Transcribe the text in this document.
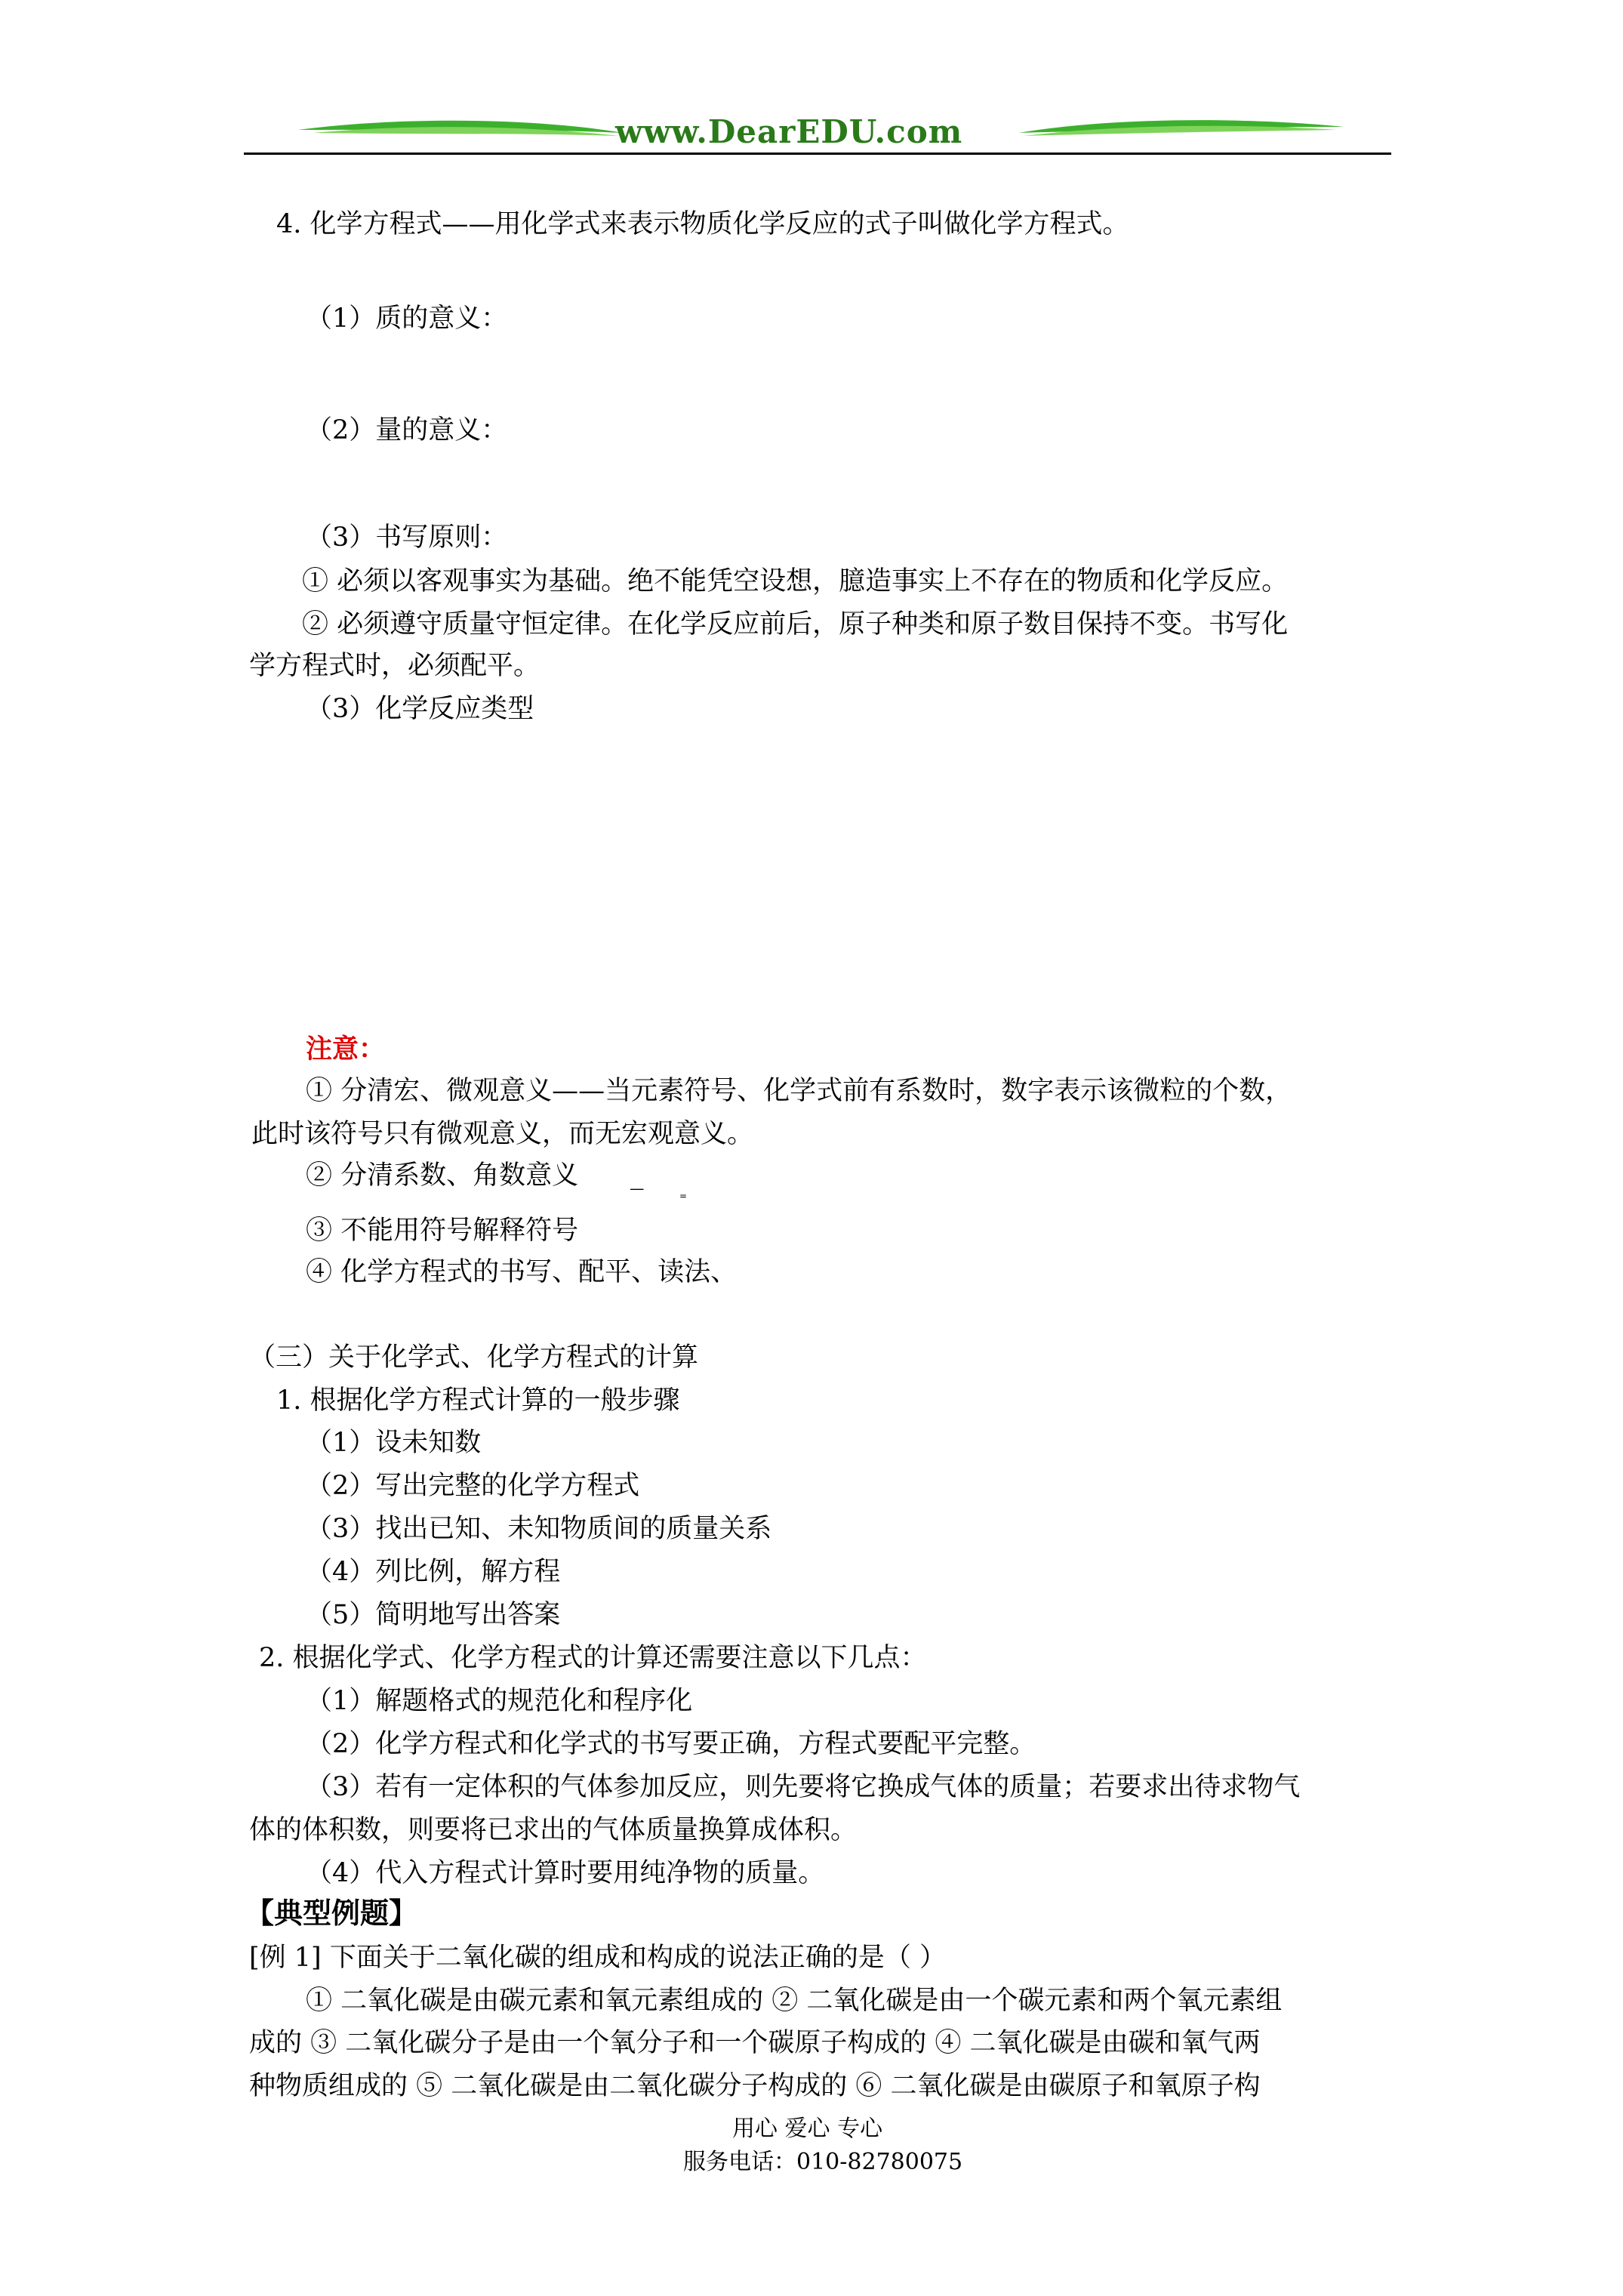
www.DearEDU.com
4. 化学方程式——用化学式来表示物质化学反应的式子叫做化学方程式。
（1）质的意义：
（2）量的意义：
（3）书写原则：
① 必须以客观事实为基础。绝不能凭空设想，臆造事实上不存在的物质和化学反应。
② 必须遵守质量守恒定律。在化学反应前后，原子种类和原子数目保持不变。书写化
学方程式时，必须配平。
（3）化学反应类型
注意：
① 分清宏、微观意义——当元素符号、化学式前有系数时，数字表示该微粒的个数，
此时该符号只有微观意义，而无宏观意义。
② 分清系数、角数意义 _
=
③ 不能用符号解释符号
④ 化学方程式的书写、配平、读法、
（三）关于化学式、化学方程式的计算
1. 根据化学方程式计算的一般步骤
（1）设未知数
（2）写出完整的化学方程式
（3）找出已知、未知物质间的质量关系
（4）列比例，解方程
（5）简明地写出答案
2. 根据化学式、化学方程式的计算还需要注意以下几点：
（1）解题格式的规范化和程序化
（2）化学方程式和化学式的书写要正确，方程式要配平完整。
（3）若有一定体积的气体参加反应，则先要将它换成气体的质量；若要求出待求物气
体的体积数，则要将已求出的气体质量换算成体积。
（4）代入方程式计算时要用纯净物的质量。
【典型例题】
[例 1] 下面关于二氧化碳的组成和构成的说法正确的是（ ）
① 二氧化碳是由碳元素和氧元素组成的 ② 二氧化碳是由一个碳元素和两个氧元素组
成的 ③ 二氧化碳分子是由一个氧分子和一个碳原子构成的 ④ 二氧化碳是由碳和氧气两
种物质组成的 ⑤ 二氧化碳是由二氧化碳分子构成的 ⑥ 二氧化碳是由碳原子和氧原子构
用心 爱心 专心
服务电话：010-82780075
